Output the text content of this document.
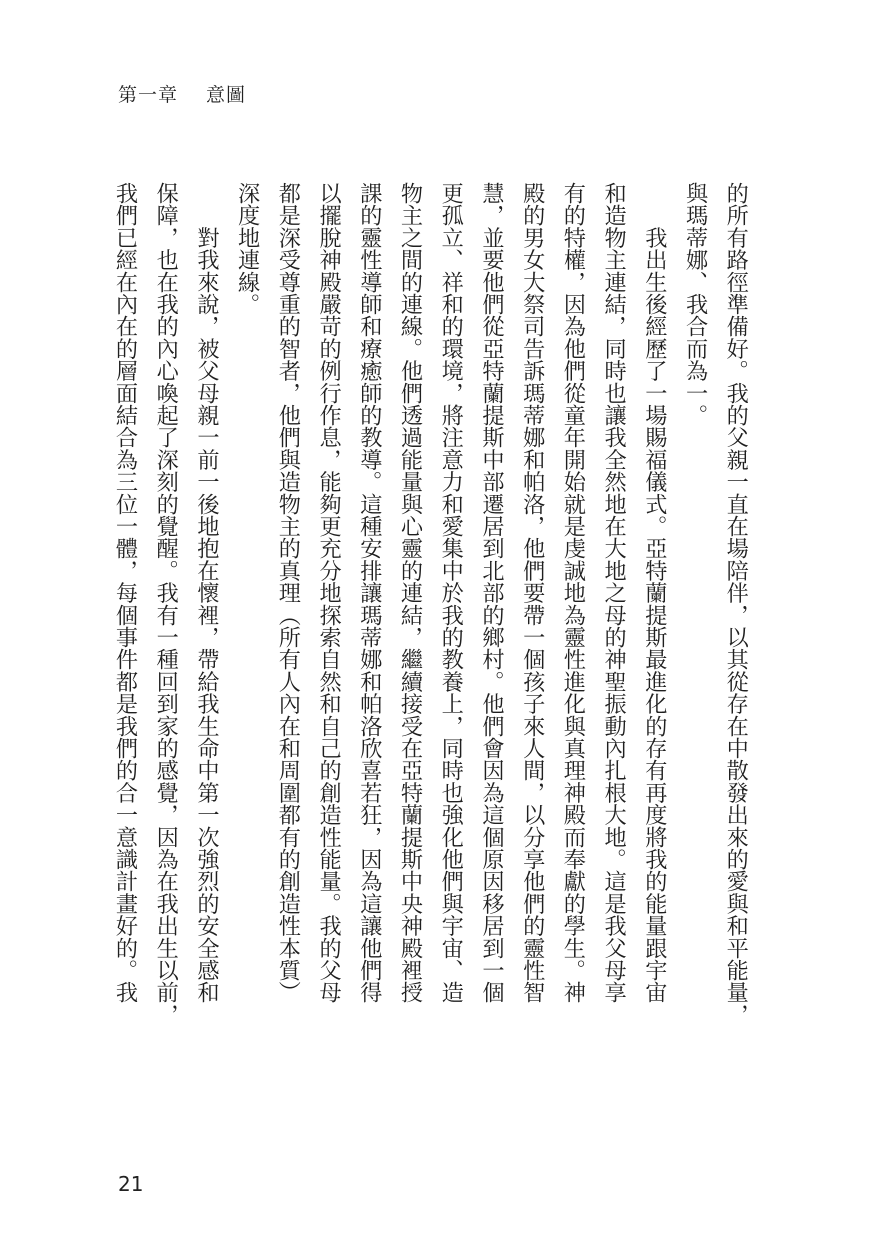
第一章 意圖
的所有路徑準備好。我的父親一直在場陪伴，以其從存在中散發出來的愛與和平能量，
與瑪蒂娜、我合而為一。
　　我出生後經歷了一場賜福儀式。亞特蘭提斯最進化的存有再度將我的能量跟宇宙
和造物主連結，同時也讓我全然地在大地之母的神聖振動內扎根大地。這是我父母享
有的特權，因為他們從童年開始就是虔誠地為靈性進化與真理神殿而奉獻的學生。神
殿的男女大祭司告訴瑪蒂娜和帕洛，他們要帶一個孩子來人間，以分享他們的靈性智
慧，並要他們從亞特蘭提斯中部遷居到北部的鄉村。他們會因為這個原因移居到一個
更孤立、祥和的環境，將注意力和愛集中於我的教養上，同時也強化他們與宇宙、造
物主之間的連線。他們透過能量與心靈的連結，繼續接受在亞特蘭提斯中央神殿裡授
課的靈性導師和療癒師的教導。這種安排讓瑪蒂娜和帕洛欣喜若狂，因為這讓他們得
以擺脫神殿嚴苛的例行作息，能夠更充分地探索自然和自己的創造性能量。我的父母
都是深受尊重的智者，他們與造物主的真理（所有人內在和周圍都有的創造性本質）
深度地連線。
　　對我來說，被父母親一前一後地抱在懷裡，帶給我生命中第一次強烈的安全感和
保障，也在我的內心喚起了深刻的覺醒。我有一種回到家的感覺，因為在我出生以前，
我們已經在內在的層面結合為三位一體，每個事件都是我們的合一意識計畫好的。我
21
